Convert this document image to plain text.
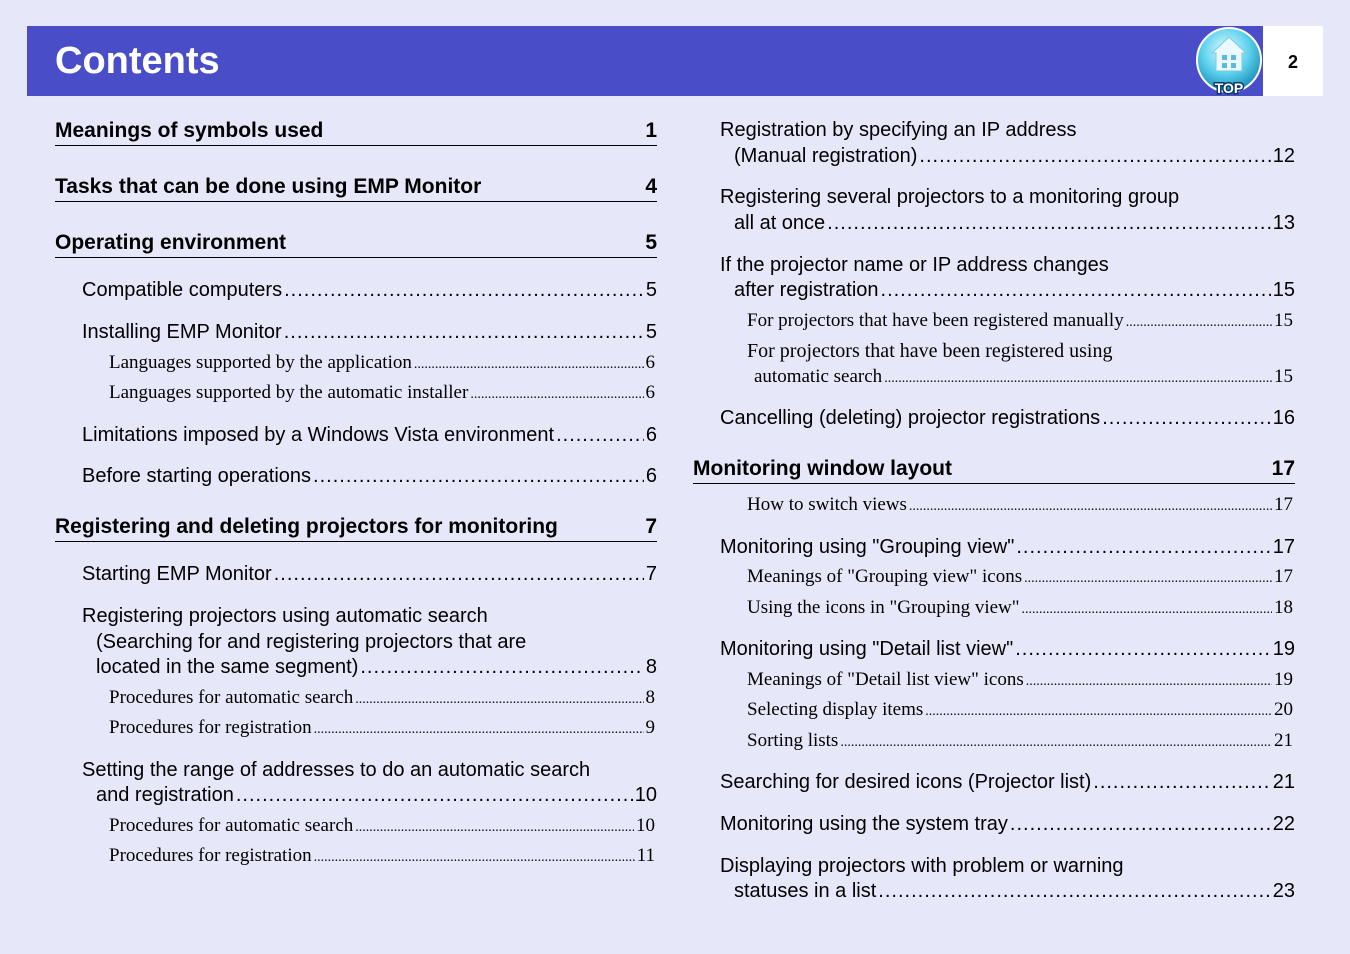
Contents
TOP
2
Meanings of symbols used	1
Tasks that can be done using EMP Monitor	4
Operating environment	5
Compatible computers .....	5
Installing EMP Monitor .....	5
Languages supported by the application .....	6
Languages supported by the automatic installer .....	6
Limitations imposed by a Windows Vista environment .....	6
Before starting operations .....	6
Registering and deleting projectors for monitoring	7
Starting EMP Monitor .....	7
Registering projectors using automatic search
(Searching for and registering projectors that are
located in the same segment) .....	8
Procedures for automatic search .....	8
Procedures for registration .....	9
Setting the range of addresses to do an automatic search
and registration .....	10
Procedures for automatic search .....	10
Procedures for registration .....	11
Registration by specifying an IP address
(Manual registration) .....	12
Registering several projectors to a monitoring group
all at once .....	13
If the projector name or IP address changes
after registration .....	15
For projectors that have been registered manually .....	15
For projectors that have been registered using
automatic search .....	15
Cancelling (deleting) projector registrations .....	16
Monitoring window layout	17
How to switch views .....	17
Monitoring using "Grouping view" .....	17
Meanings of "Grouping view" icons .....	17
Using the icons in "Grouping view" .....	18
Monitoring using "Detail list view" .....	19
Meanings of "Detail list view" icons .....	19
Selecting display items .....	20
Sorting lists .....	21
Searching for desired icons (Projector list) .....	21
Monitoring using the system tray .....	22
Displaying projectors with problem or warning
statuses in a list .....	23
